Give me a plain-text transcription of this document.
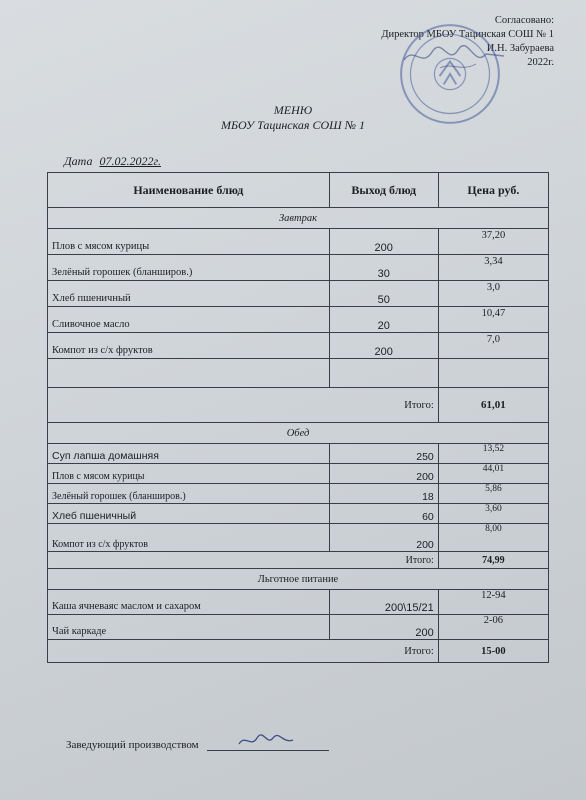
Согласовано:
Директор МБОУ Тацинская СОШ № 1
И.Н. Забураева
2022г.
МЕНЮ
МБОУ Тацинская СОШ № 1
Дата 07.02.2022г.
Наименование блюд	Выход блюд	Цена руб.
Завтрак		
Плов с мясом курицы	200	37,20
Зелёный горошек (бланширов.)	30	3,34
Хлеб пшеничный	50	3,0
Сливочное масло	20	10,47
Компот из с/х фруктов	200	7,0

Итого:		61,01
Обед		
Суп лапша домашняя	250	13,52
Плов с мясом курицы	200	44,01
Зелёный горошек (бланширов.)	18	5,86
Хлеб пшеничный	60	3,60
Компот из с/х фруктов	200	8,00
Итого:		74,99
Льготное питание		
Каша ячневаяс маслом и сахаром	200\15/21	12-94
Чай каркаде	200	2-06
Итого:		15-00
Заведующий производством
